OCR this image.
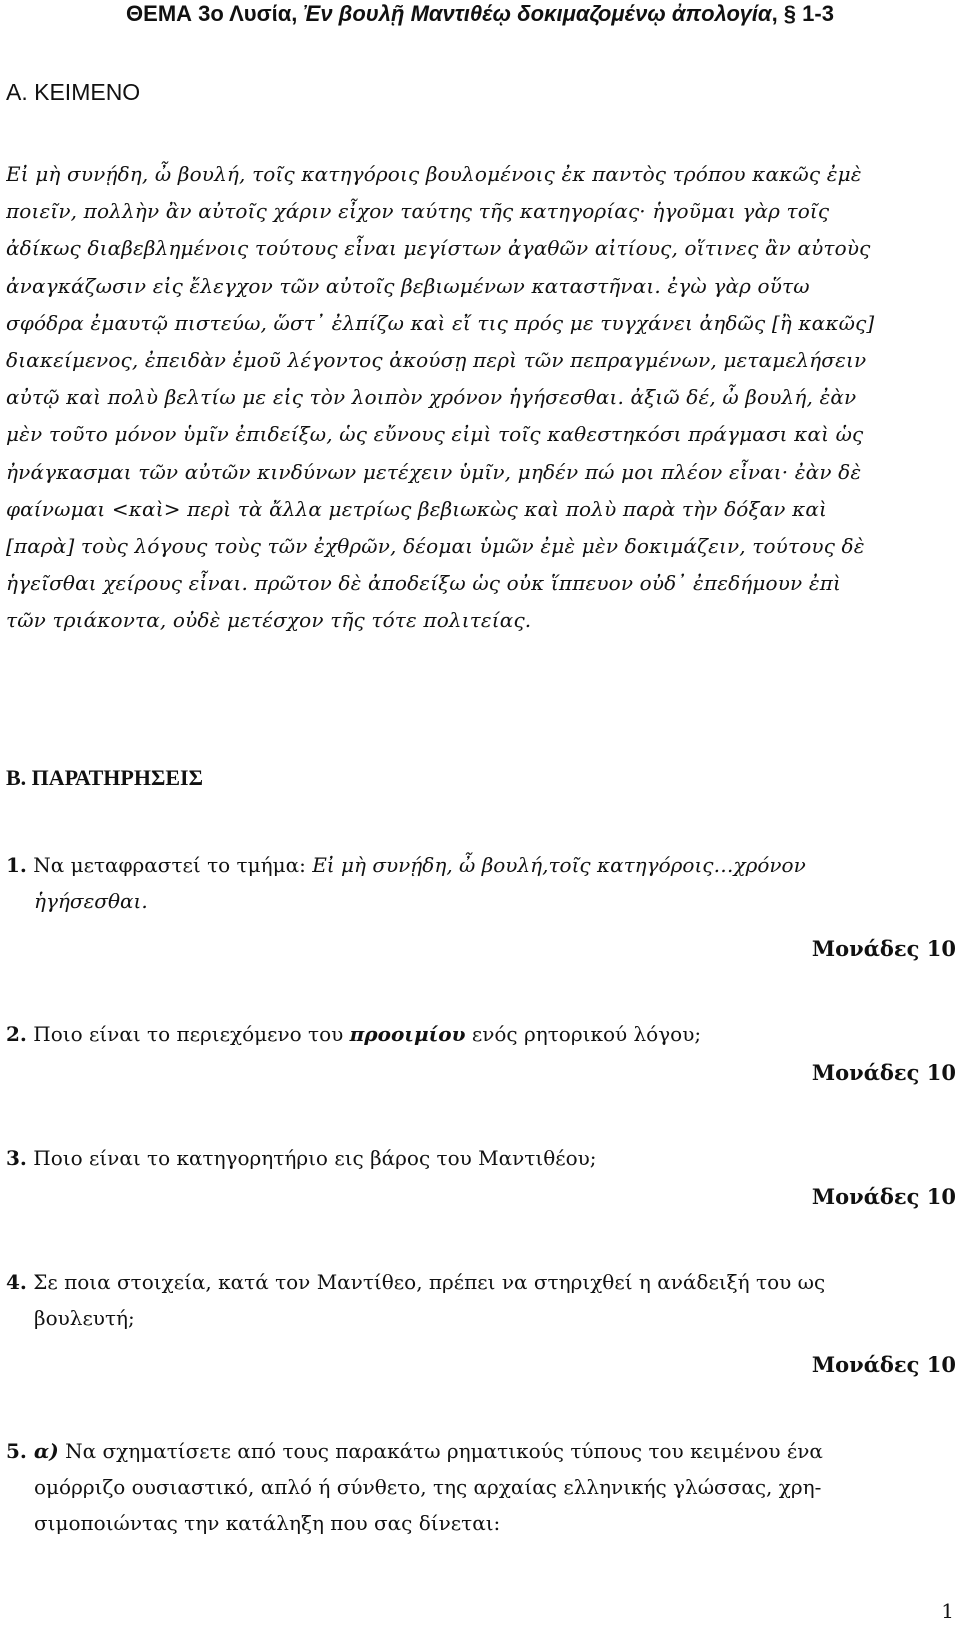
ΘΕΜΑ 3ο Λυσία, Ἐν βουλῇ Μαντιθέῳ δοκιμαζομένῳ ἀπολογία, § 1-3
Α. ΚΕΙΜΕΝΟ
Εἰ μὴ συνῄδη, ὦ βουλή, τοῖς κατηγόροις βουλομένοις ἐκ παντὸς τρόπου κακῶς ἐμὲ
ποιεῖν, πολλὴν ἂν αὐτοῖς χάριν εἶχον ταύτης τῆς κατηγορίας· ἡγοῦμαι γὰρ τοῖς
ἀδίκως διαβεβλημένοις τούτους εἶναι μεγίστων ἀγαθῶν αἰτίους, οἵτινες ἂν αὐτοὺς
ἀναγκάζωσιν εἰς ἔλεγχον τῶν αὐτοῖς βεβιωμένων καταστῆναι. ἐγὼ γὰρ οὕτω
σφόδρα ἐμαυτῷ πιστεύω, ὥστ᾽ ἐλπίζω καὶ εἴ τις πρός με τυγχάνει ἀηδῶς [ἢ κακῶς]
διακείμενος, ἐπειδὰν ἐμοῦ λέγοντος ἀκούσῃ περὶ τῶν πεπραγμένων, μεταμελήσειν
αὐτῷ καὶ πολὺ βελτίω με εἰς τὸν λοιπὸν χρόνον ἡγήσεσθαι. ἀξιῶ δέ, ὦ βουλή, ἐὰν
μὲν τοῦτο μόνον ὑμῖν ἐπιδείξω, ὡς εὔνους εἰμὶ τοῖς καθεστηκόσι πράγμασι καὶ ὡς
ἠνάγκασμαι τῶν αὐτῶν κινδύνων μετέχειν ὑμῖν, μηδέν πώ μοι πλέον εἶναι· ἐὰν δὲ
φαίνωμαι <καὶ> περὶ τὰ ἄλλα μετρίως βεβιωκὼς καὶ πολὺ παρὰ τὴν δόξαν καὶ
[παρὰ] τοὺς λόγους τοὺς τῶν ἐχθρῶν, δέομαι ὑμῶν ἐμὲ μὲν δοκιμάζειν, τούτους δὲ
ἡγεῖσθαι χείρους εἶναι. πρῶτον δὲ ἀποδείξω ὡς οὐκ ἵππευον οὐδ᾽ ἐπεδήμουν ἐπὶ
τῶν τριάκοντα, οὐδὲ μετέσχον τῆς τότε πολιτείας.
Β. ΠΑΡΑΤΗΡΗΣΕΙΣ
1. Να μεταφραστεί το τμήμα: Εἰ μὴ συνῄδη, ὦ βουλή,τοῖς κατηγόροις…χρόνον
ἡγήσεσθαι.
Μονάδες 10
2. Ποιο είναι το περιεχόμενο του προοιμίου ενός ρητορικού λόγου;
Μονάδες 10
3. Ποιο είναι το κατηγορητήριο εις βάρος του Μαντιθέου;
Μονάδες 10
4. Σε ποια στοιχεία, κατά τον Μαντίθεο, πρέπει να στηριχθεί η ανάδειξή του ως
βουλευτή;
Μονάδες 10
5. α) Να σχηματίσετε από τους παρακάτω ρηματικούς τύπους του κειμένου ένα
ομόρριζο ουσιαστικό, απλό ή σύνθετο, της αρχαίας ελληνικής γλώσσας, χρη-
σιμοποιώντας την κατάληξη που σας δίνεται:
1
